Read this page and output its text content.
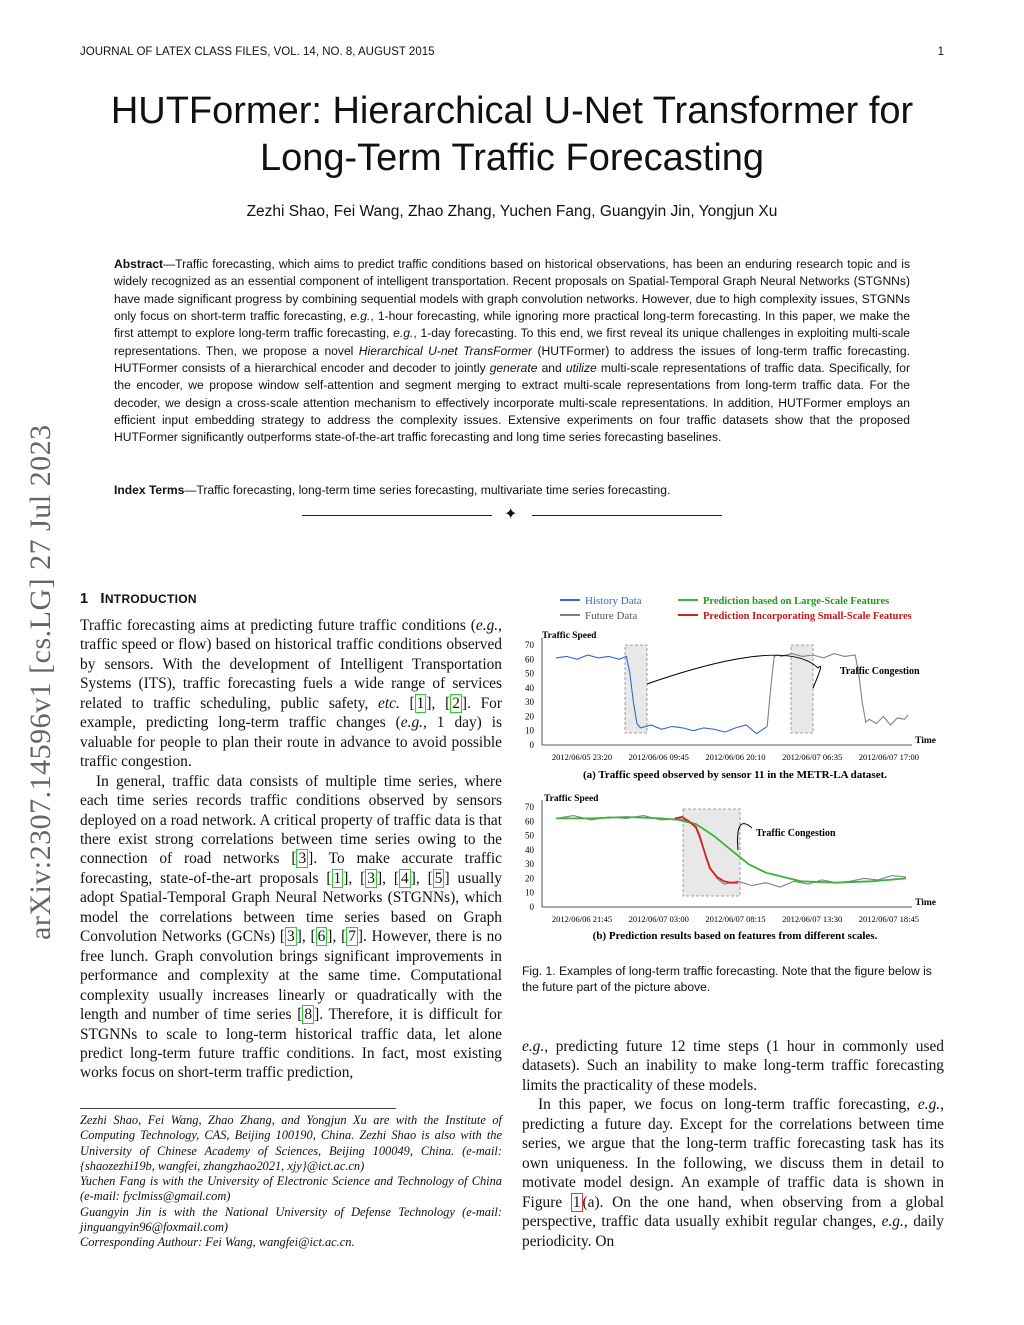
JOURNAL OF LATEX CLASS FILES, VOL. 14, NO. 8, AUGUST 2015	1
HUTFormer: Hierarchical U-Net Transformer for
Long-Term Traffic Forecasting
Zezhi Shao, Fei Wang, Zhao Zhang, Yuchen Fang, Guangyin Jin, Yongjun Xu
Abstract—Traffic forecasting, which aims to predict traffic conditions based on historical observations, has been an enduring research topic and is widely recognized as an essential component of intelligent transportation. Recent proposals on Spatial-Temporal Graph Neural Networks (STGNNs) have made significant progress by combining sequential models with graph convolution networks. However, due to high complexity issues, STGNNs only focus on short-term traffic forecasting, e.g., 1-hour forecasting, while ignoring more practical long-term forecasting. In this paper, we make the first attempt to explore long-term traffic forecasting, e.g., 1-day forecasting. To this end, we first reveal its unique challenges in exploiting multi-scale representations. Then, we propose a novel Hierarchical U-net TransFormer (HUTFormer) to address the issues of long-term traffic forecasting. HUTFormer consists of a hierarchical encoder and decoder to jointly generate and utilize multi-scale representations of traffic data. Specifically, for the encoder, we propose window self-attention and segment merging to extract multi-scale representations from long-term traffic data. For the decoder, we design a cross-scale attention mechanism to effectively incorporate multi-scale representations. In addition, HUTFormer employs an efficient input embedding strategy to address the complexity issues. Extensive experiments on four traffic datasets show that the proposed HUTFormer significantly outperforms state-of-the-art traffic forecasting and long time series forecasting baselines.
Index Terms—Traffic forecasting, long-term time series forecasting, multivariate time series forecasting.
✦
arXiv:2307.14596v1 [cs.LG] 27 Jul 2023 1 INTRODUCTION

Traffic forecasting aims at predicting future traffic conditions (e.g., traffic speed or flow) based on historical traffic conditions observed by sensors. With the development of Intelligent Transportation Systems (ITS), traffic forecasting fuels a wide range of services related to traffic scheduling, public safety, etc. [ 1 ], [ 2 ]. For example, predicting long-term traffic changes (e.g., 1 day) is valuable for people to plan their route in advance to avoid possible traffic congestion.

In general, traffic data consists of multiple time series, where each time series records traffic conditions observed by sensors deployed on a road network. A critical property of traffic data is that there exist strong correlations between time series owing to the connection of road networks [ 3 ]. To make accurate traffic forecasting, state-of-the-art proposals [ 1 ], [ 3 ], [ 4 ], [ 5 ] usually adopt Spatial-Temporal Graph Neural Networks (STGNNs), which model the correlations between time series based on Graph Convolution Networks (GCNs) [ 3 ], [ 6 ], [ 7 ]. However, there is no free lunch. Graph convolution brings significant improvements in performance and complexity at the same time. Computational complexity usually increases linearly or quadratically with the length and number of time series [ 8 ]. Therefore, it is difficult for STGNNs to scale to long-term historical traffic data, let alone predict long-term future traffic conditions. In fact, most existing works focus on short-term traffic prediction,

Zezhi Shao, Fei Wang, Zhao Zhang, and Yongjun Xu are with the Institute of Computing Technology, CAS, Beijing 100190, China. Zezhi Shao is also with the University of Chinese Academy of Sciences, Beijing 100049, China. (e-mail: {shaozezhi19b, wangfei, zhangzhao2021, xjy}@ict.ac.cn)

Yuchen Fang is with the University of Electronic Science and Technology of China (e-mail: fyclmiss@gmail.com)

Guangyin Jin is with the National University of Defense Technology (e-mail: jinguangyin96@foxmail.com)

Corresponding Authour: Fei Wang, wangfei@ict.ac.cn.

History Data
Future Data
Prediction based on Large-Scale Features
Prediction Incorporating Small-Scale Features
Traffic Speed
0
10
20
30
40
50
60
70
Time
2012/06/05 23:20 2012/06/06 09:45 2012/06/06 20:10 2012/06/07 06:35 2012/06/07 17:00
Traffic Congestion
(a) Traffic speed observed by sensor 11 in the METR-LA dataset.
Traffic Speed
0
10
20
30
40
50
60
70
Time
2012/06/06 21:45 2012/06/07 03:00 2012/06/07 08:15 2012/06/07 13:30 2012/06/07 18:45
Traffic Congestion
(b) Prediction results based on features from different scales.
Fig. 1. Examples of long-term traffic forecasting. Note that the figure below is the future part of the picture above.

e.g., predicting future 12 time steps (1 hour in commonly used datasets). Such an inability to make long-term traffic forecasting limits the practicality of these models.

In this paper, we focus on long-term traffic forecasting, e.g., predicting a future day. Except for the correlations between time series, we argue that the long-term traffic forecasting task has its own uniqueness. In the following, we discuss them in detail to motivate model design. An example of traffic data is shown in Figure 1 (a). On the one hand, when observing from a global perspective, traffic data usually exhibit regular changes, e.g., daily periodicity. On
